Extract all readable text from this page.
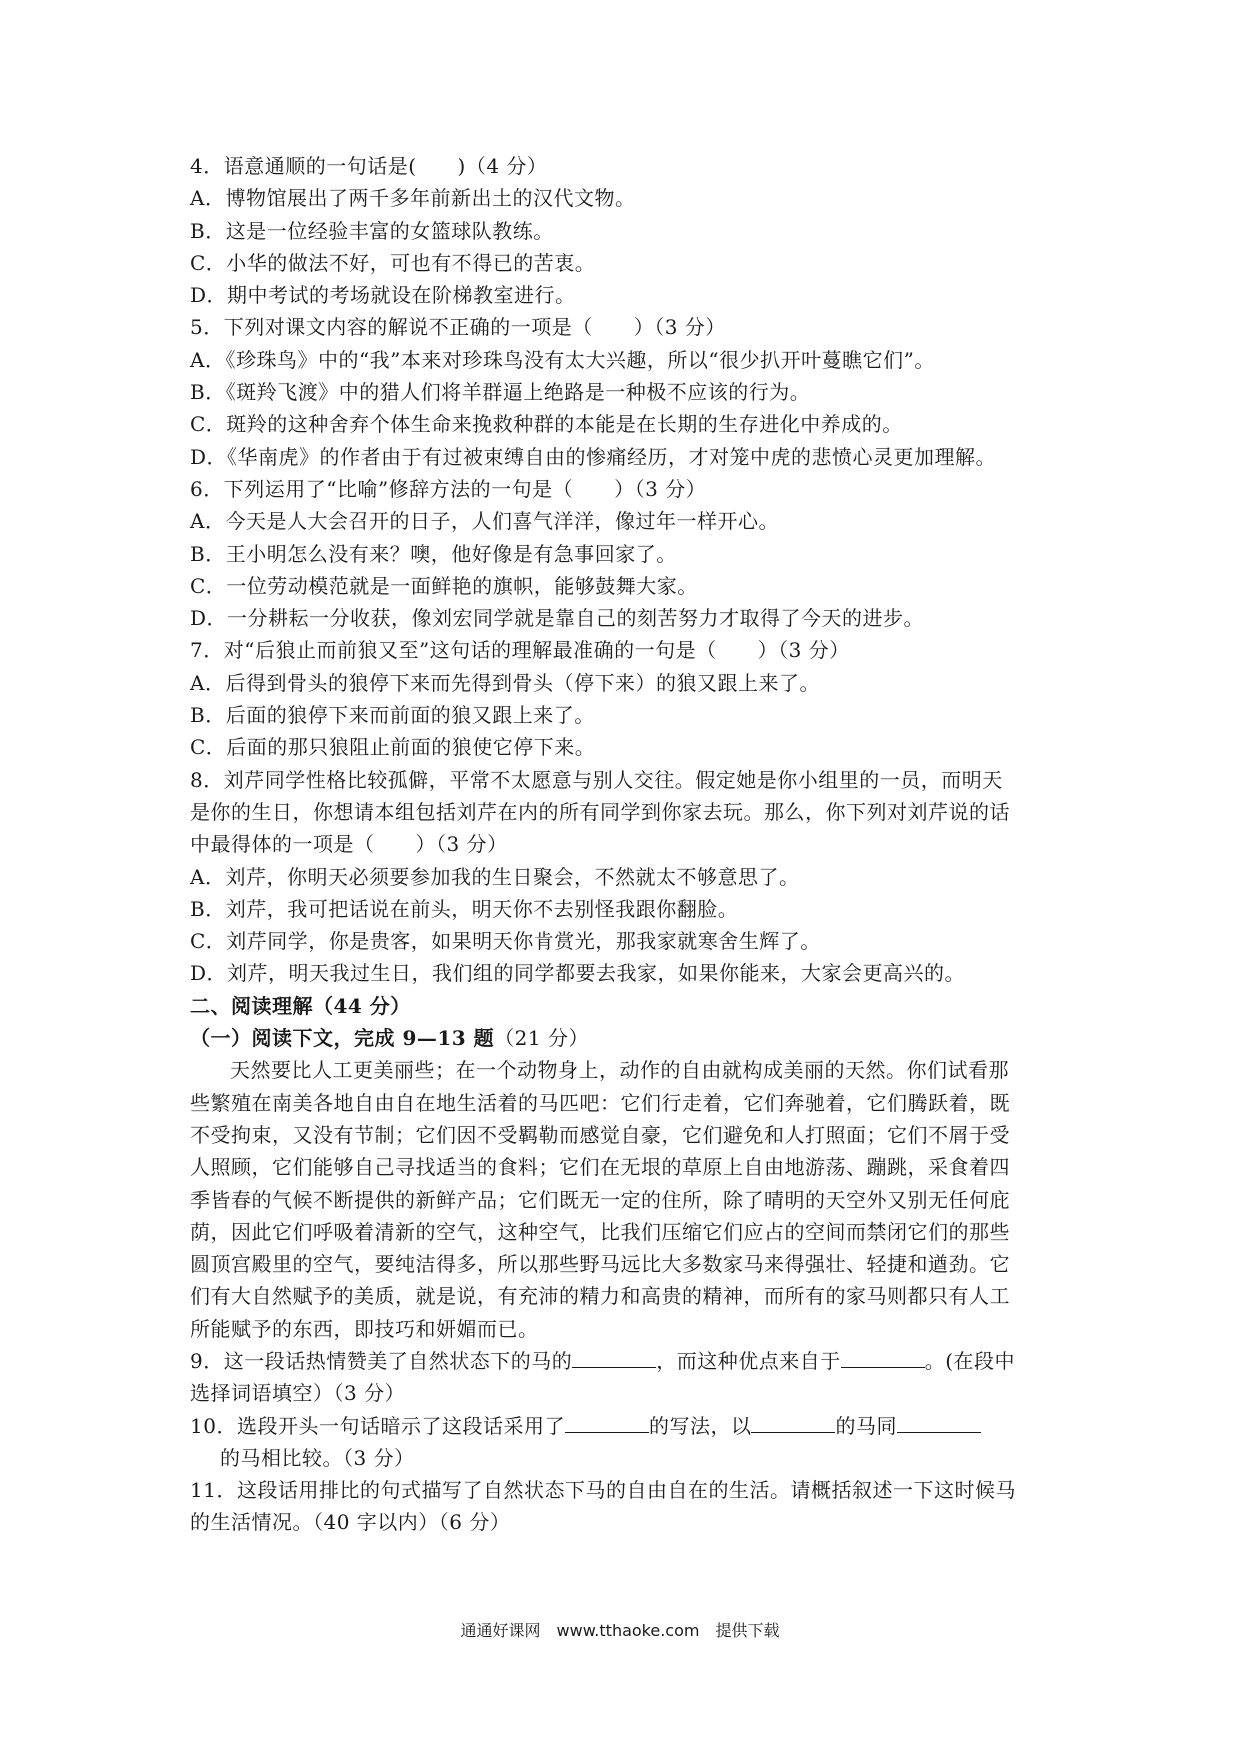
4．语意通顺的一句话是(　　)（4 分）
A．博物馆展出了两千多年前新出土的汉代文物。
B．这是一位经验丰富的女篮球队教练。
C．小华的做法不好，可也有不得已的苦衷。
D．期中考试的考场就设在阶梯教室进行。
5．下列对课文内容的解说不正确的一项是（　　）（3 分）
A．《珍珠鸟》中的“我”本来对珍珠鸟没有太大兴趣，所以“很少扒开叶蔓瞧它们”。
B．《斑羚飞渡》中的猎人们将羊群逼上绝路是一种极不应该的行为。
C．斑羚的这种舍弃个体生命来挽救种群的本能是在长期的生存进化中养成的。
D．《华南虎》的作者由于有过被束缚自由的惨痛经历，才对笼中虎的悲愤心灵更加理解。
6．下列运用了“比喻”修辞方法的一句是（　　）（3 分）
A．今天是人大会召开的日子，人们喜气洋洋，像过年一样开心。
B．王小明怎么没有来？噢，他好像是有急事回家了。
C．一位劳动模范就是一面鲜艳的旗帜，能够鼓舞大家。
D．一分耕耘一分收获，像刘宏同学就是靠自己的刻苦努力才取得了今天的进步。
7．对“后狼止而前狼又至”这句话的理解最准确的一句是（　　）（3 分）
A．后得到骨头的狼停下来而先得到骨头（停下来）的狼又跟上来了。
B．后面的狼停下来而前面的狼又跟上来了。
C．后面的那只狼阻止前面的狼使它停下来。
8．刘芹同学性格比较孤僻，平常不太愿意与别人交往。假定她是你小组里的一员，而明天是你的生日，你想请本组包括刘芹在内的所有同学到你家去玩。那么，你下列对刘芹说的话中最得体的一项是（　　）（3 分）
A．刘芹，你明天必须要参加我的生日聚会，不然就太不够意思了。
B．刘芹，我可把话说在前头，明天你不去别怪我跟你翻脸。
C．刘芹同学，你是贵客，如果明天你肯赏光，那我家就寒舍生辉了。
D．刘芹，明天我过生日，我们组的同学都要去我家，如果你能来，大家会更高兴的。
二、阅读理解（44 分）
（一）阅读下文，完成 9—13 题（21 分）
天然要比人工更美丽些；在一个动物身上，动作的自由就构成美丽的天然。你们试看那些繁殖在南美各地自由自在地生活着的马匹吧：它们行走着，它们奔驰着，它们腾跃着，既不受拘束，又没有节制；它们因不受羁勒而感觉自豪，它们避免和人打照面；它们不屑于受人照顾，它们能够自己寻找适当的食料；它们在无垠的草原上自由地游荡、蹦跳，采食着四季皆春的气候不断提供的新鲜产品；它们既无一定的住所，除了晴明的天空外又别无任何庇荫，因此它们呼吸着清新的空气，这种空气，比我们压缩它们应占的空间而禁闭它们的那些圆顶宫殿里的空气，要纯洁得多，所以那些野马远比大多数家马来得强壮、轻捷和遒劲。它们有大自然赋予的美质，就是说，有充沛的精力和高贵的精神，而所有的家马则都只有人工所能赋予的东西，即技巧和妍媚而已。
9．这一段话热情赞美了自然状态下的马的	，而这种优点来自于	。(在段中选择词语填空）（3 分）
10．选段开头一句话暗示了这段话采用了	的写法，以	的马同
的马相比较。（3 分）
11．这段话用排比的句式描写了自然状态下马的自由自在的生活。请概括叙述一下这时候马的生活情况。（40 字以内）（6 分）
通通好课网　www.tthaoke.com　提供下载
